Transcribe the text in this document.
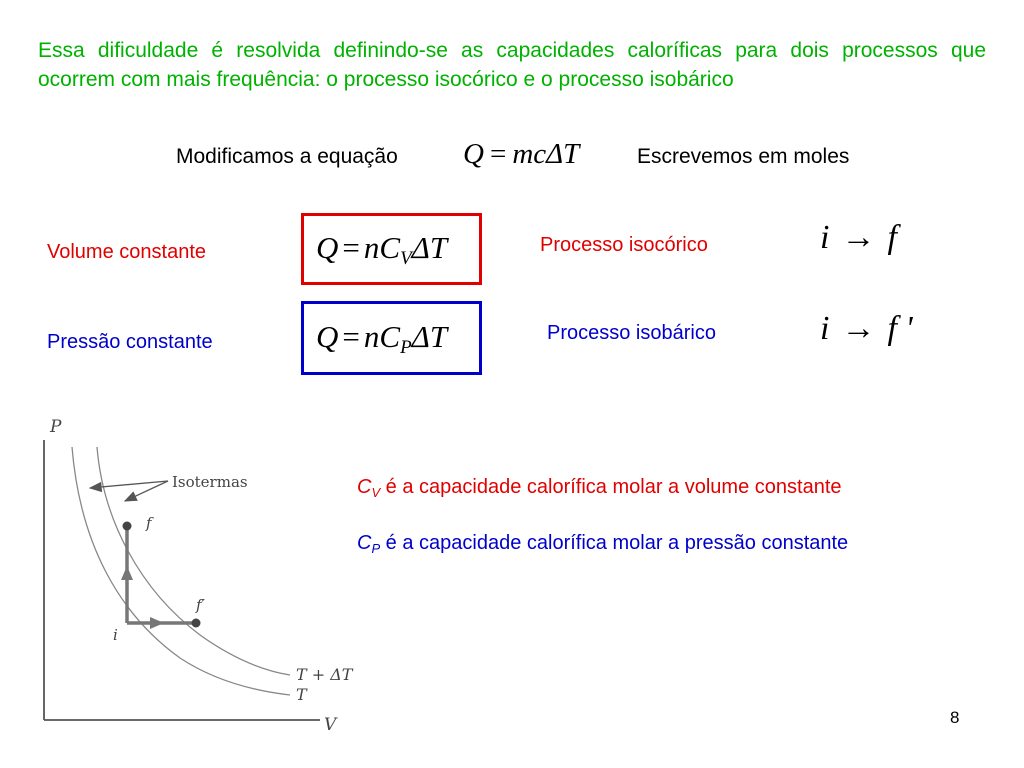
Essa dificuldade é resolvida definindo-se as capacidades caloríficas para dois processos que ocorrem com mais frequência: o processo isocórico e o processo isobárico
Modificamos a equação Q = mcΔT	Escrevemos em moles
Volume constante	$Q = nC_V\Delta T$	Processo isocórico	i → f
Pressão constante	$Q = nC_P\Delta T$	Processo isobárico	i → f '
$C_V$ é a capacidade calorífica molar a volume constante
$C_P$ é a capacidade calorífica molar a pressão constante
P
V
Isotermas
f
f′
i
T + ΔT
T
8
